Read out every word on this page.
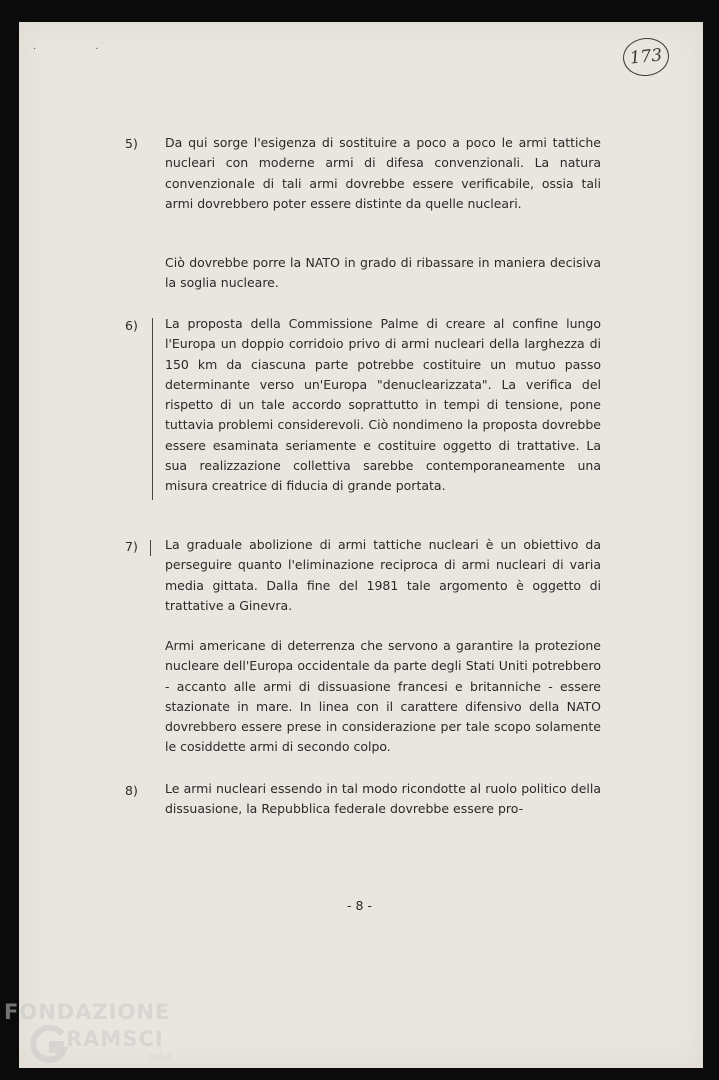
· ·	173
5) Da qui sorge l'esigenza di sostituire a poco a poco le armi tattiche nucleari con moderne armi di difesa convenzionali. La natura convenzionale di tali armi dovrebbe essere verificabile, ossia tali armi dovrebbero poter essere distinte da quelle nucleari.
Ciò dovrebbe porre la NATO in grado di ribassare in maniera decisiva la soglia nucleare.
6) La proposta della Commissione Palme di creare al confine lungo l'Europa un doppio corridoio privo di armi nucleari della larghezza di 150 km da ciascuna parte potrebbe costituire un mutuo passo determinante verso un'Europa "denuclearizzata". La verifica del rispetto di un tale accordo soprattutto in tempi di tensione, pone tuttavia problemi considerevoli. Ciò nondimeno la proposta dovrebbe essere esaminata seriamente e costituire oggetto di trattative. La sua realizzazione collettiva sarebbe contemporaneamente una misura creatrice di fiducia di grande portata.
7) La graduale abolizione di armi tattiche nucleari è un obiettivo da perseguire quanto l'eliminazione reciproca di armi nucleari di varia media gittata. Dalla fine del 1981 tale argomento è oggetto di trattative a Ginevra.
Armi americane di deterrenza che servono a garantire la protezione nucleare dell'Europa occidentale da parte degli Stati Uniti potrebbero - accanto alle armi di dissuasione francesi e britanniche - essere stazionate in mare. In linea con il carattere difensivo della NATO dovrebbero essere prese in considerazione per tale scopo solamente le cosiddette armi di secondo colpo.
8) Le armi nucleari essendo in tal modo ricondotte al ruolo politico della dissuasione, la Repubblica federale dovrebbe essere pro-
- 8 -
FONDAZIONE
RAMSCI
onlus
